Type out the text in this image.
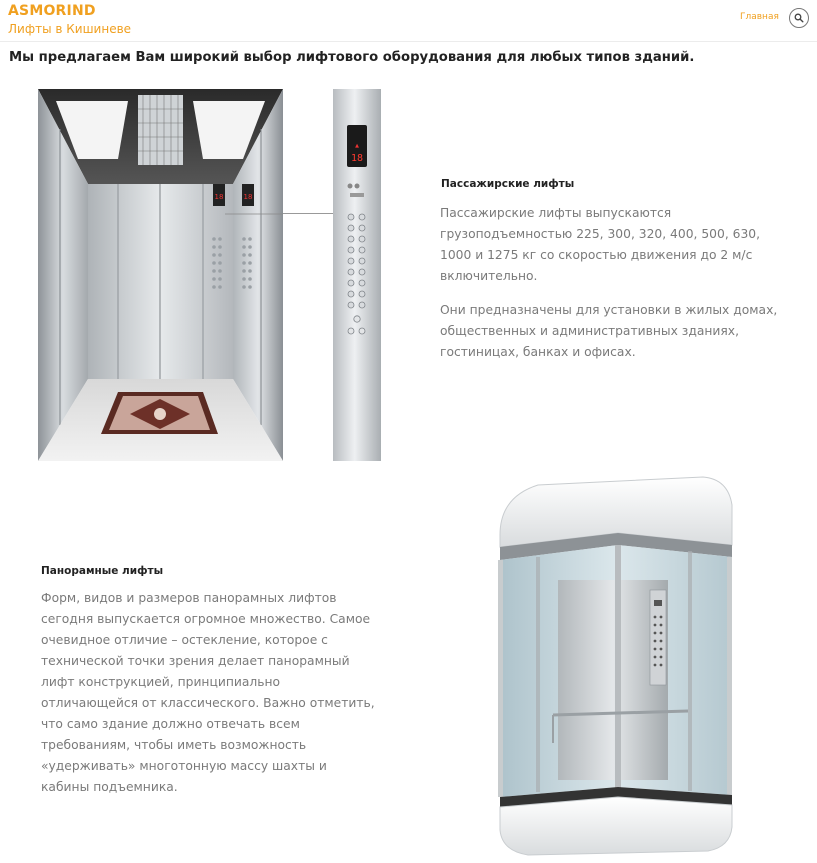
ASMORIND
Лифты в Кишиневе
Главная
Мы предлагаем Вам широкий выбор лифтового оборудования для любых типов зданий.
18	18
▲
18
Пассажирские лифты
Пассажирские лифты выпускаются грузоподъемностью 225, 300, 320, 400, 500, 630, 1000 и 1275 кг со скоростью движения до 2 м/с включительно.
Они предназначены для установки в жилых домах, общественных и административных зданиях, гостиницах, банках и офисах.
Панорамные лифты
Форм, видов и размеров панорамных лифтов сегодня выпускается огромное множество. Самое очевидное отличие – остекление, которое с технической точки зрения делает панорамный лифт конструкцией, принципиально отличающейся от классического. Важно отметить, что само здание должно отвечать всем требованиям, чтобы иметь возможность «удерживать» многотонную массу шахты и кабины подъемника.
